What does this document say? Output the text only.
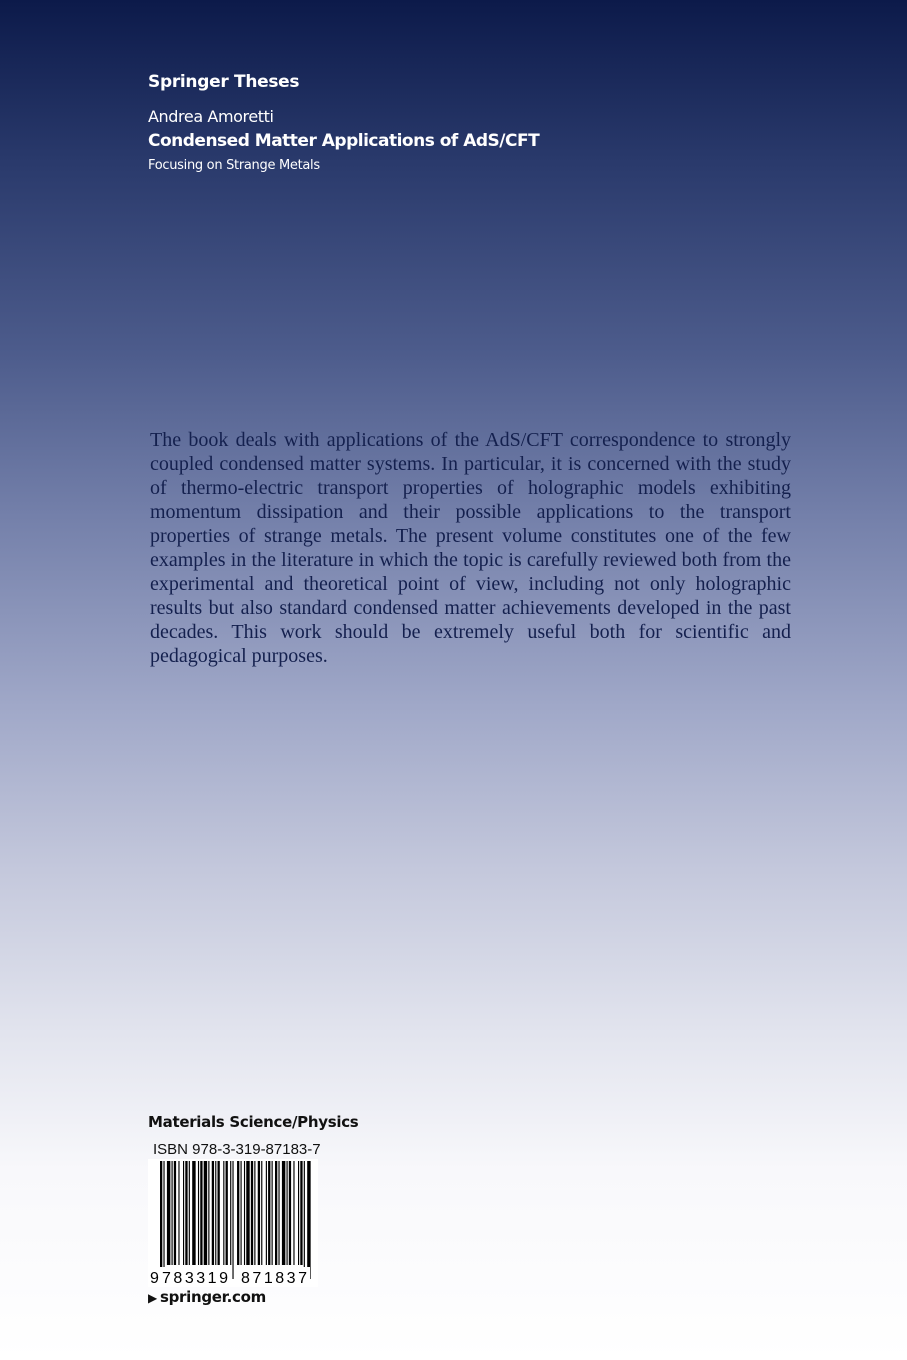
Springer Theses
Andrea Amoretti
Condensed Matter Applications of AdS/CFT
Focusing on Strange Metals

The book deals with applications of the AdS/CFT correspondence to strongly coupled condensed matter systems. In particular, it is concerned with the study of thermo-electric transport properties of holographic models exhibiting momentum dissipation and their possible applications to the transport properties of strange metals. The present volume constitutes one of the few examples in the literature in which the topic is carefully reviewed both from the experimental and theoretical point of view, including not only holographic results but also standard condensed matter achievements developed in the past decades. This work should be extremely useful both for scientific and pedagogical purposes.

Materials Science/Physics
ISBN 978-3-319-87183-7
9 783319 871837
▶ springer.com
